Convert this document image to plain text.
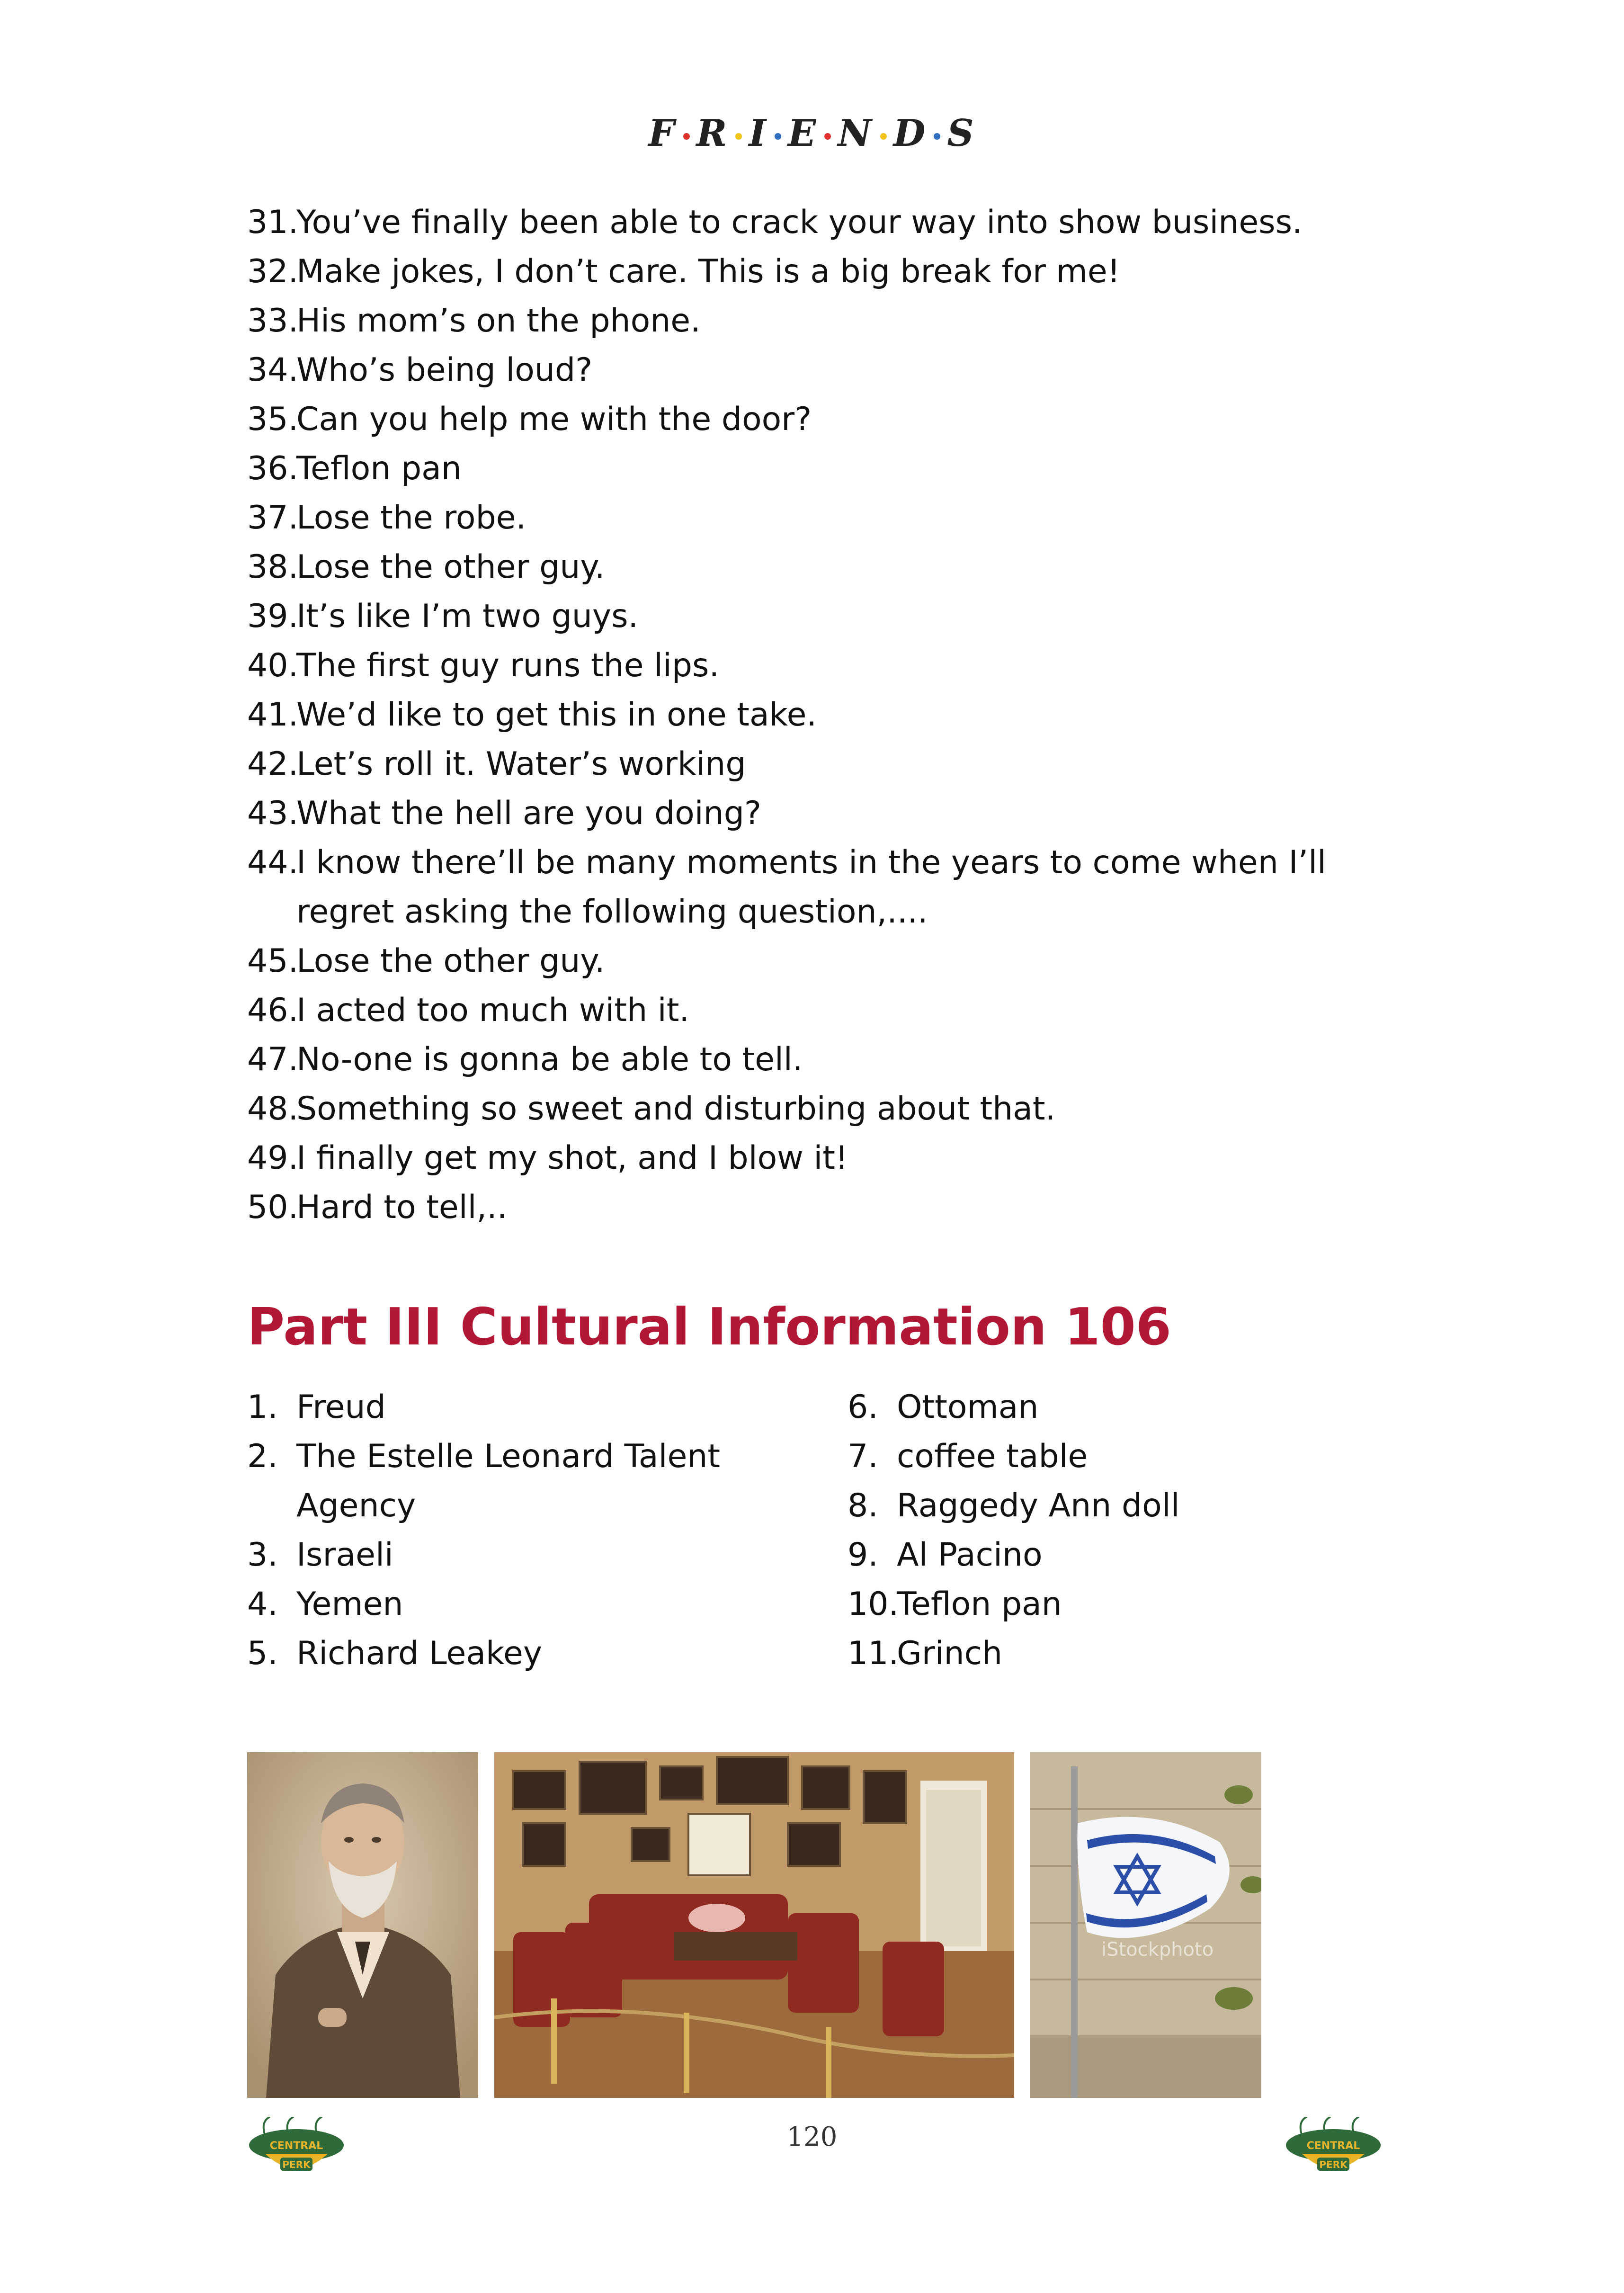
F R I E N D S
31.
You’ve finally been able to crack your way into show business.
32.
Make jokes, I don’t care. This is a big break for me!
33.
His mom’s on the phone.
34.
Who’s being loud?
35.
Can you help me with the door?
36.
Teflon pan
37.
Lose the robe.
38.
Lose the other guy.
39.
It’s like I’m two guys.
40.
The first guy runs the lips.
41.
We’d like to get this in one take.
42.
Let’s roll it. Water’s working
43.
What the hell are you doing?
44.
I know there’ll be many moments in the years to come when I’ll regret asking the following question,....
45.
Lose the other guy.
46.
I acted too much with it.
47.
No-one is gonna be able to tell.
48.
Something so sweet and disturbing about that.
49.
I finally get my shot, and I blow it!
50.
Hard to tell,..
Part III Cultural Information 106
1. Freud
2. The Estelle Leonard Talent Agency
3. Israeli
4. Yemen
5. Richard Leakey
6. Ottoman
7. coffee table
8. Raggedy Ann doll
9. Al Pacino
10.
Teflon pan
11.
Grinch
iStockphoto
CENTRAL
PERK
120	CENTRAL
PERK
